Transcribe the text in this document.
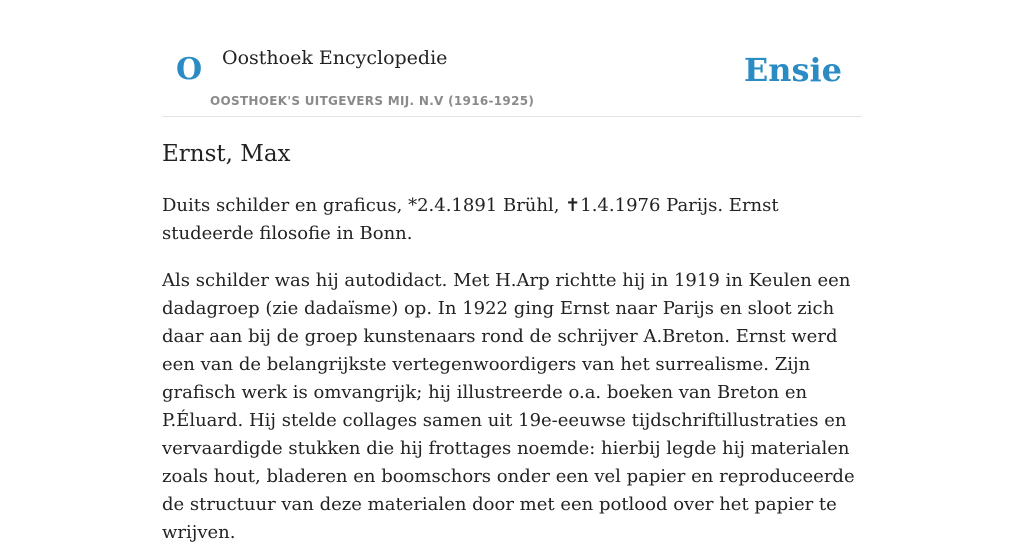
O Oosthoek Encyclopedie
OOSTHOEK'S UITGEVERS MIJ. N.V (1916-1925)
Ensie
Ernst, Max

Duits schilder en graficus, *2.4.1891 Brühl, ✝1.4.1976 Parijs. Ernst studeerde filosofie in Bonn.

Als schilder was hij autodidact. Met H.Arp richtte hij in 1919 in Keulen een dadagroep (zie dadaïsme) op. In 1922 ging Ernst naar Parijs en sloot zich daar aan bij de groep kunstenaars rond de schrijver A.Breton. Ernst werd een van de belangrijkste vertegenwoordigers van het surrealisme. Zijn grafisch werk is omvangrijk; hij illustreerde o.a. boeken van Breton en P.Éluard. Hij stelde collages samen uit 19e-eeuwse tijdschriftillustraties en vervaardigde stukken die hij frottages noemde: hierbij legde hij materialen zoals hout, bladeren en boomschors onder een vel papier en reproduceerde de structuur van deze materialen door met een potlood over het papier te wrijven.
